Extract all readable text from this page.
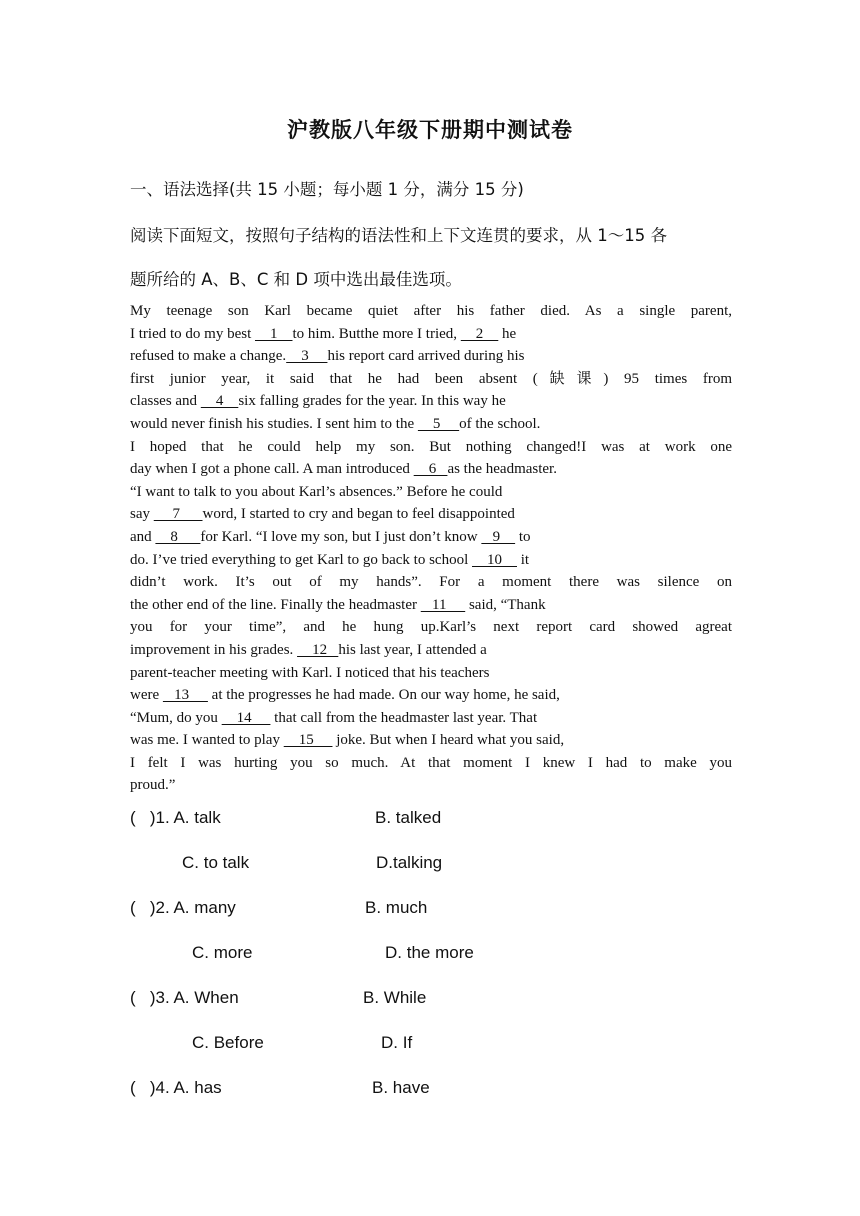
沪教版八年级下册期中测试卷
一、语法选择(共 15 小题；每小题 1 分，满分 15 分)
阅读下面短文，按照句子结构的语法性和上下文连贯的要求，从 1～15 各
题所给的 A、B、C 和 D 项中选出最佳选项。
My teenage son Karl became quiet after his father died. As a single parent,
I tried to do my best     1    to him. Butthe more I tried,     2     he
refused to make a change.    3     his report card arrived during his
first junior year, it said that he had been absent (缺课) 95 times from
classes and     4    six falling grades for the year. In this way he
would never finish his studies. I sent him to the     5     of the school.
I hoped that he could help my son. But nothing changed!I was at work one
day when I got a phone call. A man introduced     6   as the headmaster.
“I want to talk to you about Karl’s absences.” Before he could
say      7      word, I started to cry and began to feel disappointed
and     8      for Karl. “I love my son, but I just don’t know    9     to
do. I’ve tried everything to get Karl to go back to school     10     it
didn’t work. It’s out of my hands”. For a moment there was silence on
the other end of the line. Finally the headmaster    11      said, “Thank
you for your time”, and he hung up.Karl’s next report card showed agreat
improvement in his grades.     12   his last year, I attended a
parent-teacher meeting with Karl. I noticed that his teachers
were    13      at the progresses he had made. On our way home, he said,
“Mum, do you     14      that call from the headmaster last year. That
was me. I wanted to play     15      joke. But when I heard what you said,
I felt I was hurting you so much. At that moment I knew I had to make you
proud.”
(   )1. A. talk	B. talked
C. to talk	D.talking
(   )2. A. many	B. much
C. more	D. the more
(   )3. A. When	B. While
C. Before	D. If
(   )4. A. has	B. have
